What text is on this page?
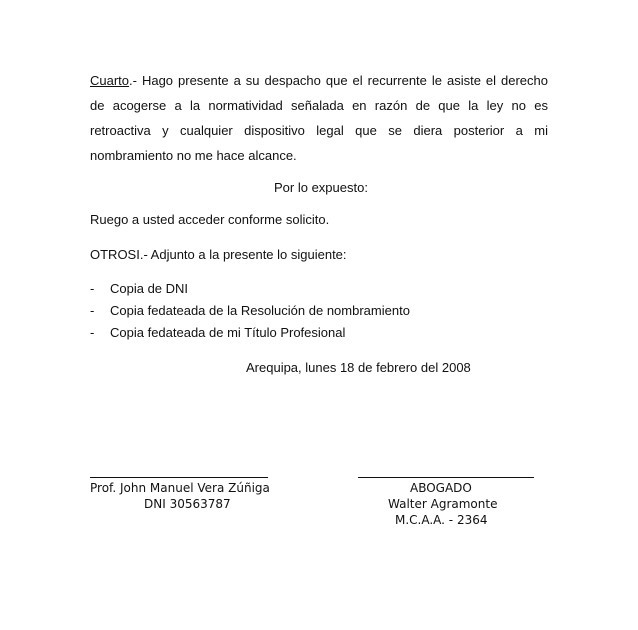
Cuarto.- Hago presente a su despacho que el recurrente le asiste el derecho
de acogerse a la normatividad señalada en razón de que la ley no es
retroactiva y cualquier dispositivo legal que se diera posterior a mi
nombramiento no me hace alcance.
Por lo expuesto:
Ruego a usted acceder conforme solicito.
OTROSI.- Adjunto a la presente lo siguiente:
- Copia de DNI
- Copia fedateada de la Resolución de nombramiento
- Copia fedateada de mi Título Profesional
Arequipa, lunes 18 de febrero del 2008
Prof. John Manuel Vera Zúñiga
DNI 30563787
ABOGADO
Walter Agramonte
M.C.A.A. - 2364
